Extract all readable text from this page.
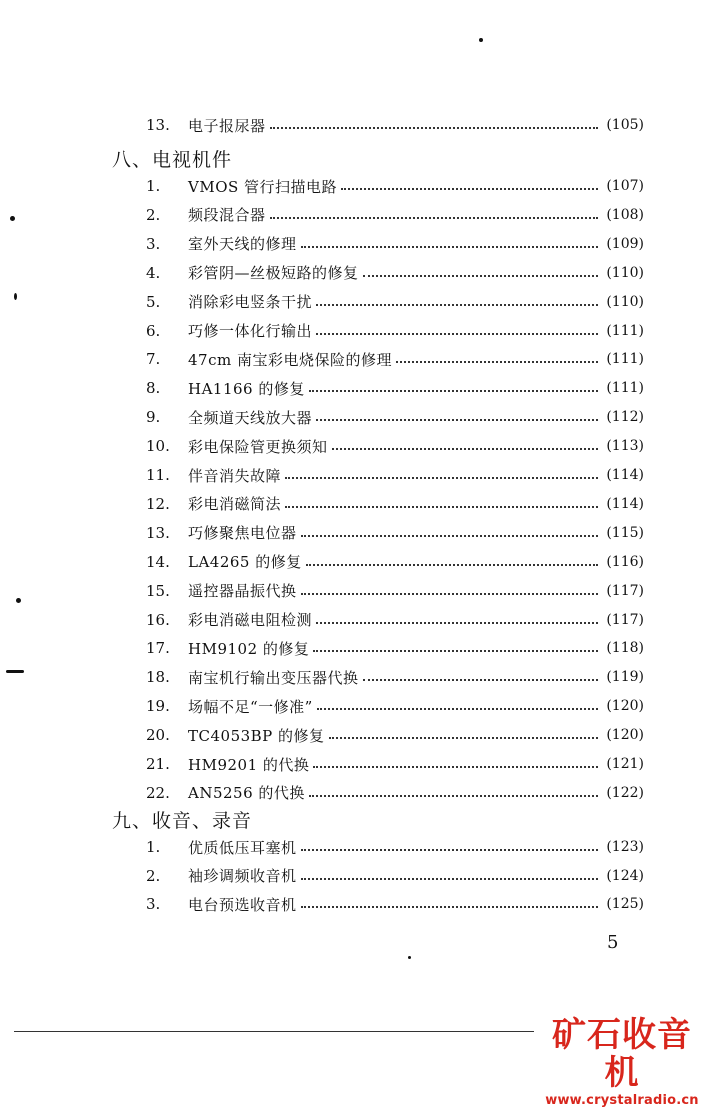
13.	电子报尿器	(105)
八、电视机件
1.	VMOS 管行扫描电路	(107)
2.	频段混合器	(108)
3.	室外天线的修理	(109)
4.	彩管阴—丝极短路的修复	(110)
5.	消除彩电竖条干扰	(110)
6.	巧修一体化行输出	(111)
7.	47cm 南宝彩电烧保险的修理	(111)
8.	HA1166 的修复	(111)
9.	全频道天线放大器	(112)
10.	彩电保险管更换须知	(113)
11.	伴音消失故障	(114)
12.	彩电消磁简法	(114)
13.	巧修聚焦电位器	(115)
14.	LA4265 的修复	(116)
15.	遥控器晶振代换	(117)
16.	彩电消磁电阻检测	(117)
17.	HM9102 的修复	(118)
18.	南宝机行输出变压器代换	(119)
19.	场幅不足“一修准”	(120)
20.	TC4053BP 的修复	(120)
21.	HM9201 的代换	(121)
22.	AN5256 的代换	(122)
九、收音、录音
1.	优质低压耳塞机	(123)
2.	袖珍调频收音机	(124)
3.	电台预选收音机	(125)
5
矿石收音机
www.crystalradio.cn
